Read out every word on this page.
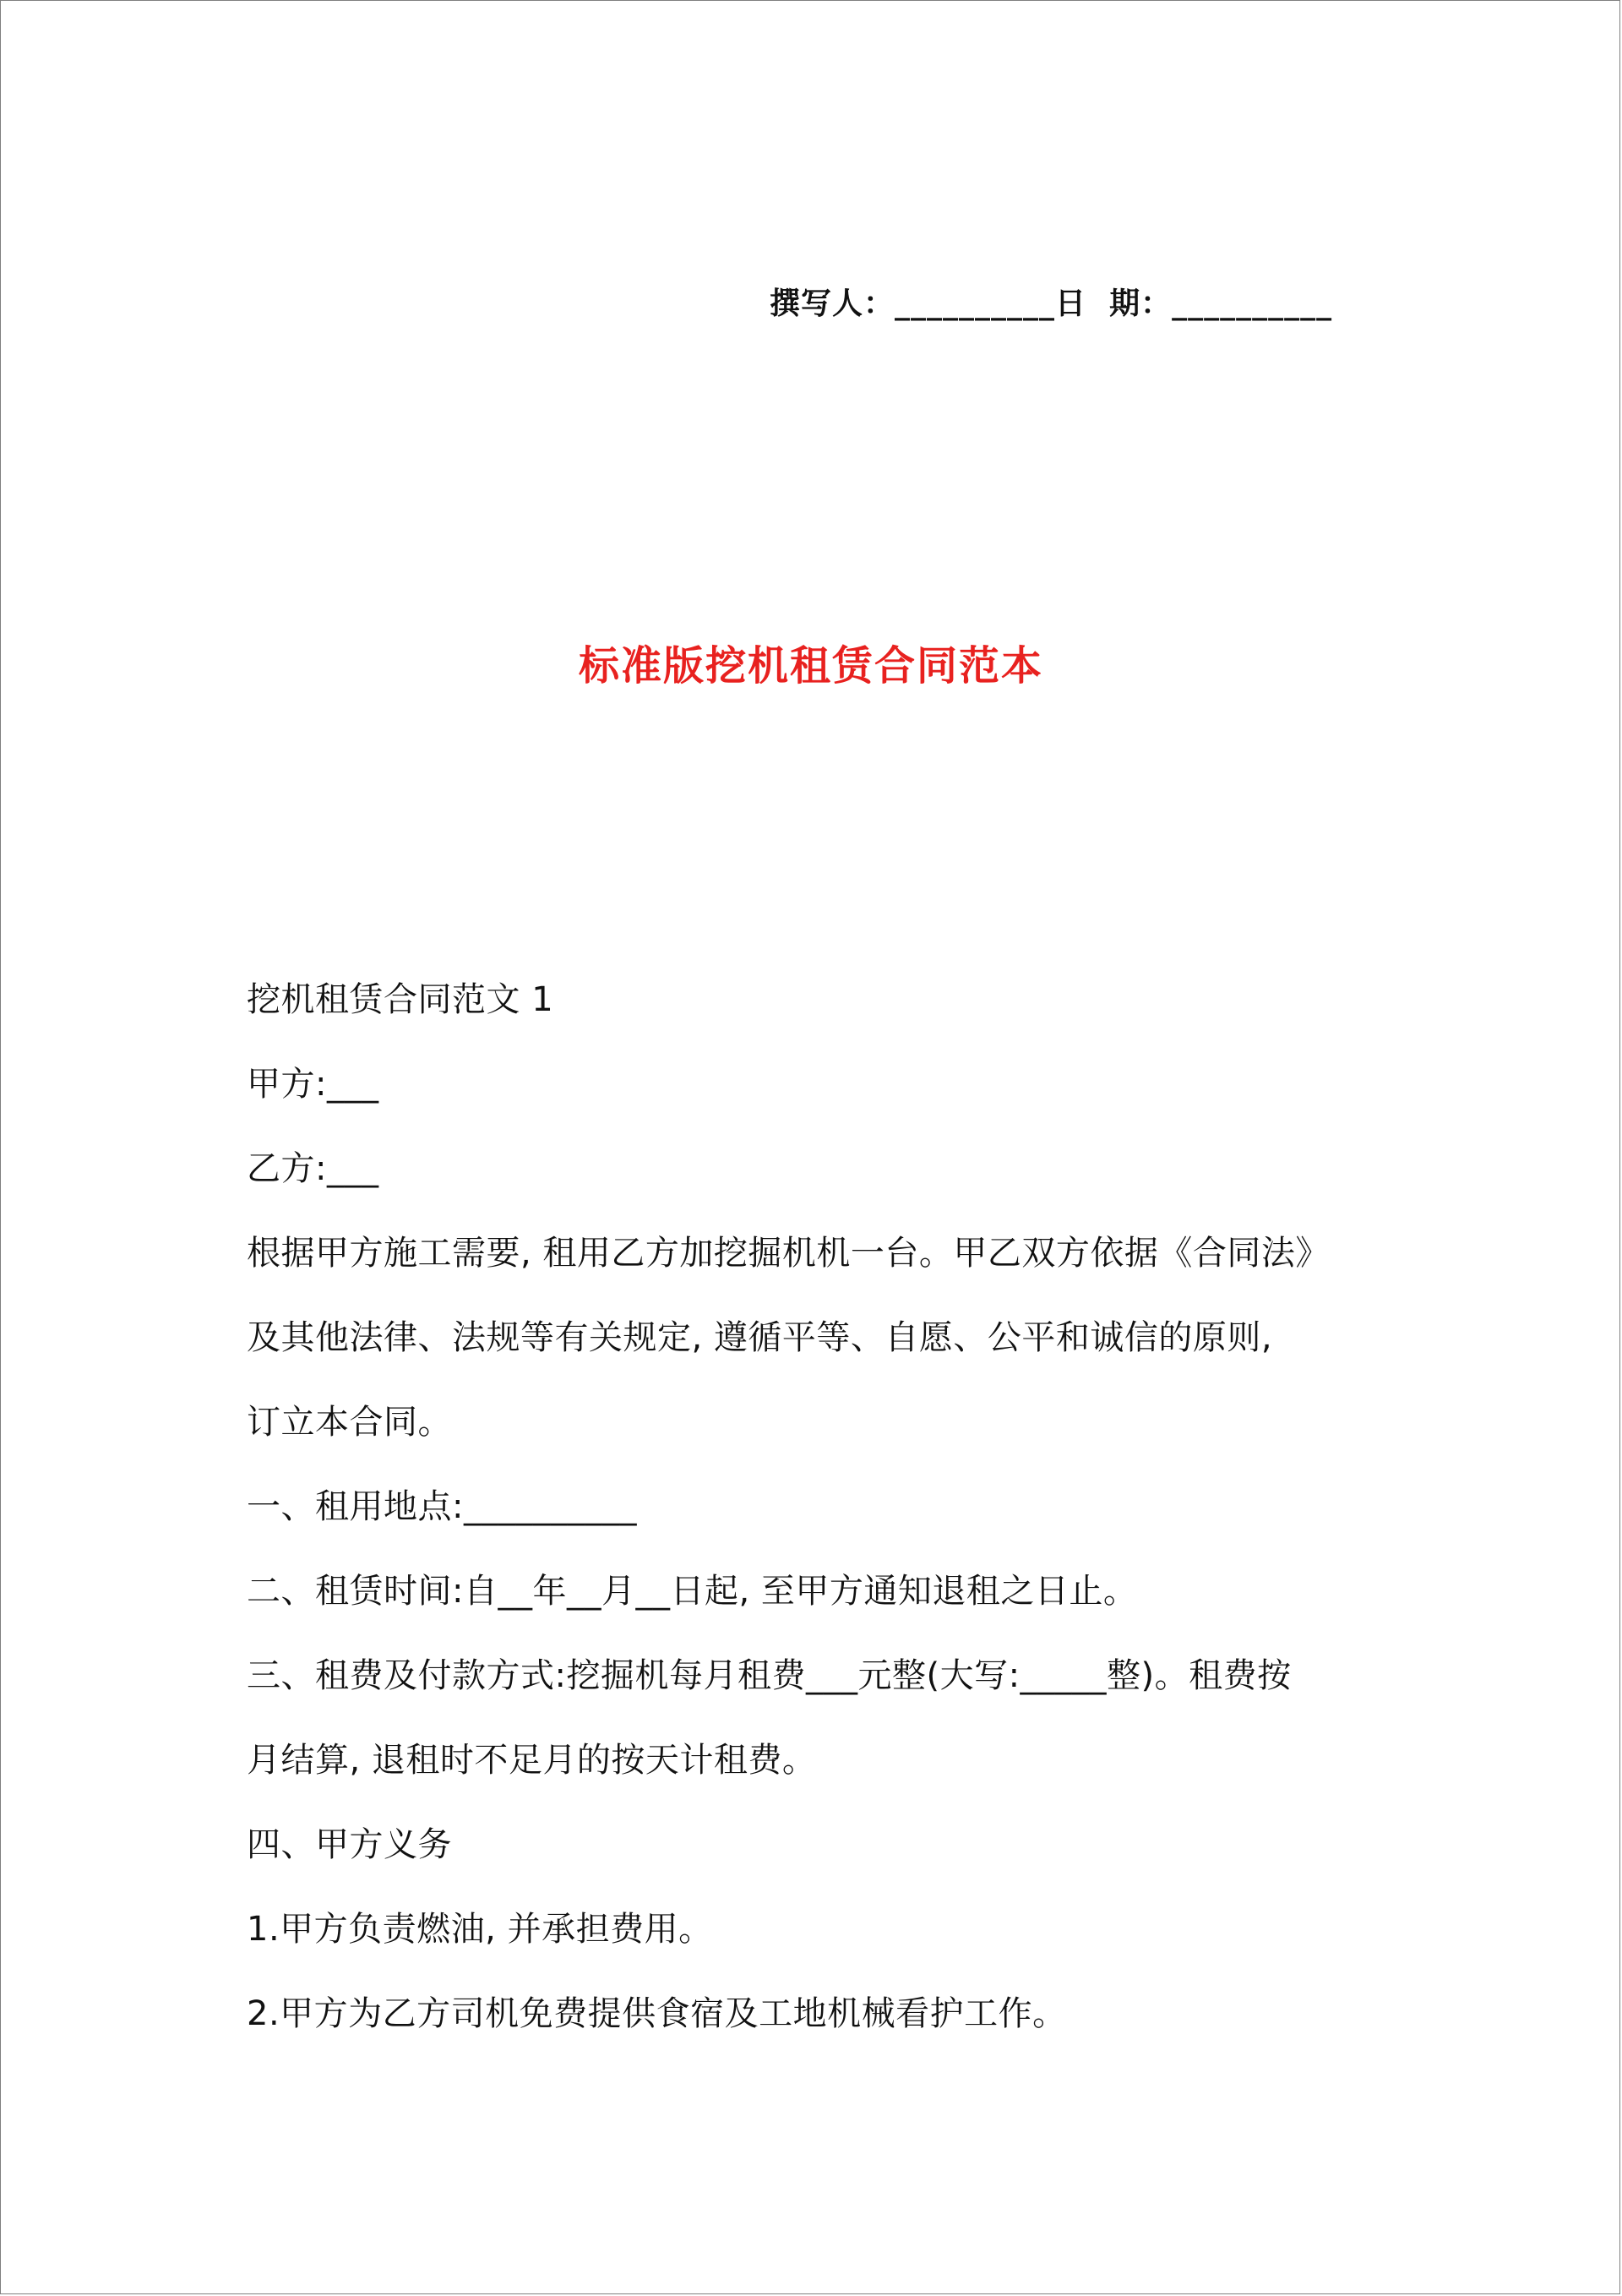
撰写人：__________日  期：__________
标准版挖机租赁合同范本
挖机租赁合同范文 1
甲方:___
乙方:___
根据甲方施工需要, 租用乙方加挖掘机机一台。甲乙双方依据《合同法》
及其他法律、法规等有关规定, 遵循平等、自愿、公平和诚信的原则,
订立本合同。
一、租用地点:__________
二、租赁时间:自__年__月__日起, 至甲方通知退租之日止。
三、租费及付款方式:挖掘机每月租费___元整(大写:_____整)。租费按
月结算, 退租时不足月的按天计租费。
四、甲方义务
1.甲方负责燃油, 并承担费用。
2.甲方为乙方司机免费提供食宿及工地机械看护工作。
